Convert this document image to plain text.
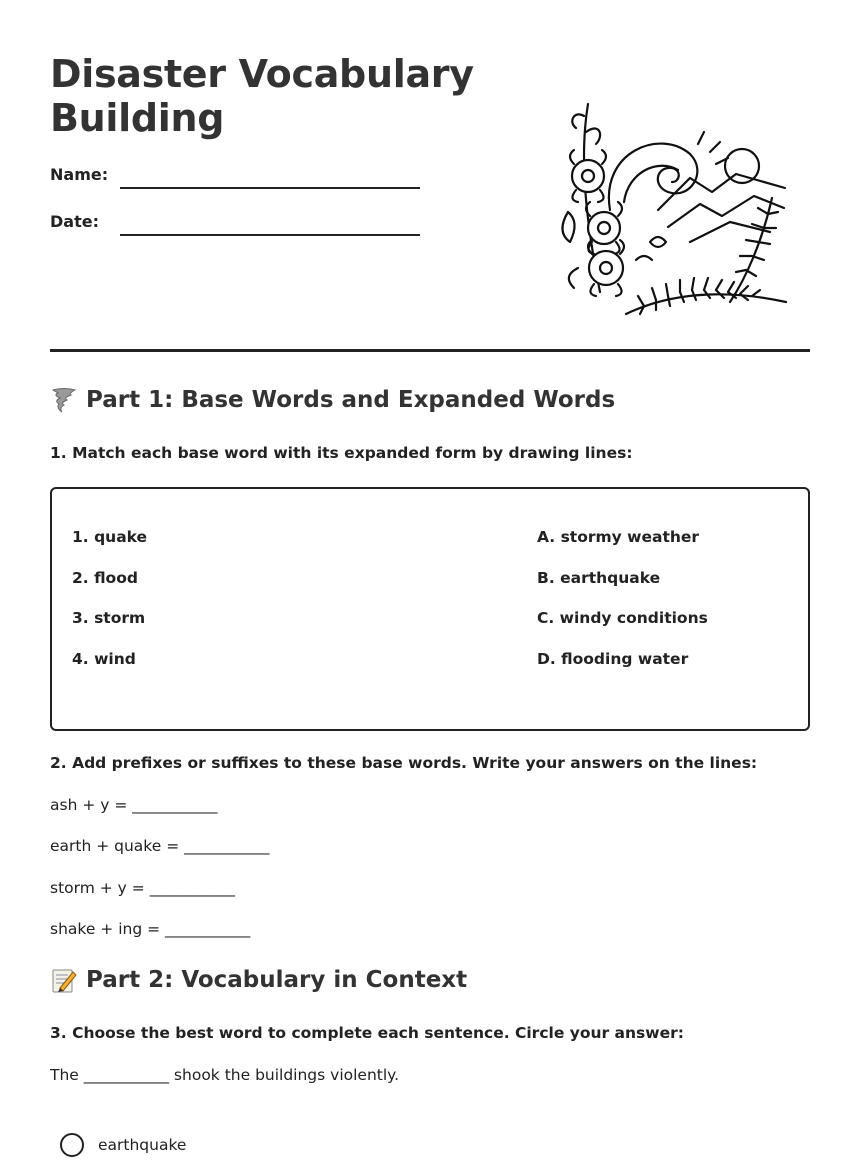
Disaster Vocabulary
Building
Name:
Date:
Part 1: Base Words and Expanded Words
1. Match each base word with its expanded form by drawing lines:
1. quake
2. flood
3. storm
4. wind
A. stormy weather
B. earthquake
C. windy conditions
D. flooding water
2. Add prefixes or suffixes to these base words. Write your answers on the lines:
ash + y = ___________
earth + quake = ___________
storm + y = ___________
shake + ing = ___________
Part 2: Vocabulary in Context
3. Choose the best word to complete each sentence. Circle your answer:
The ___________ shook the buildings violently.
earthquake
